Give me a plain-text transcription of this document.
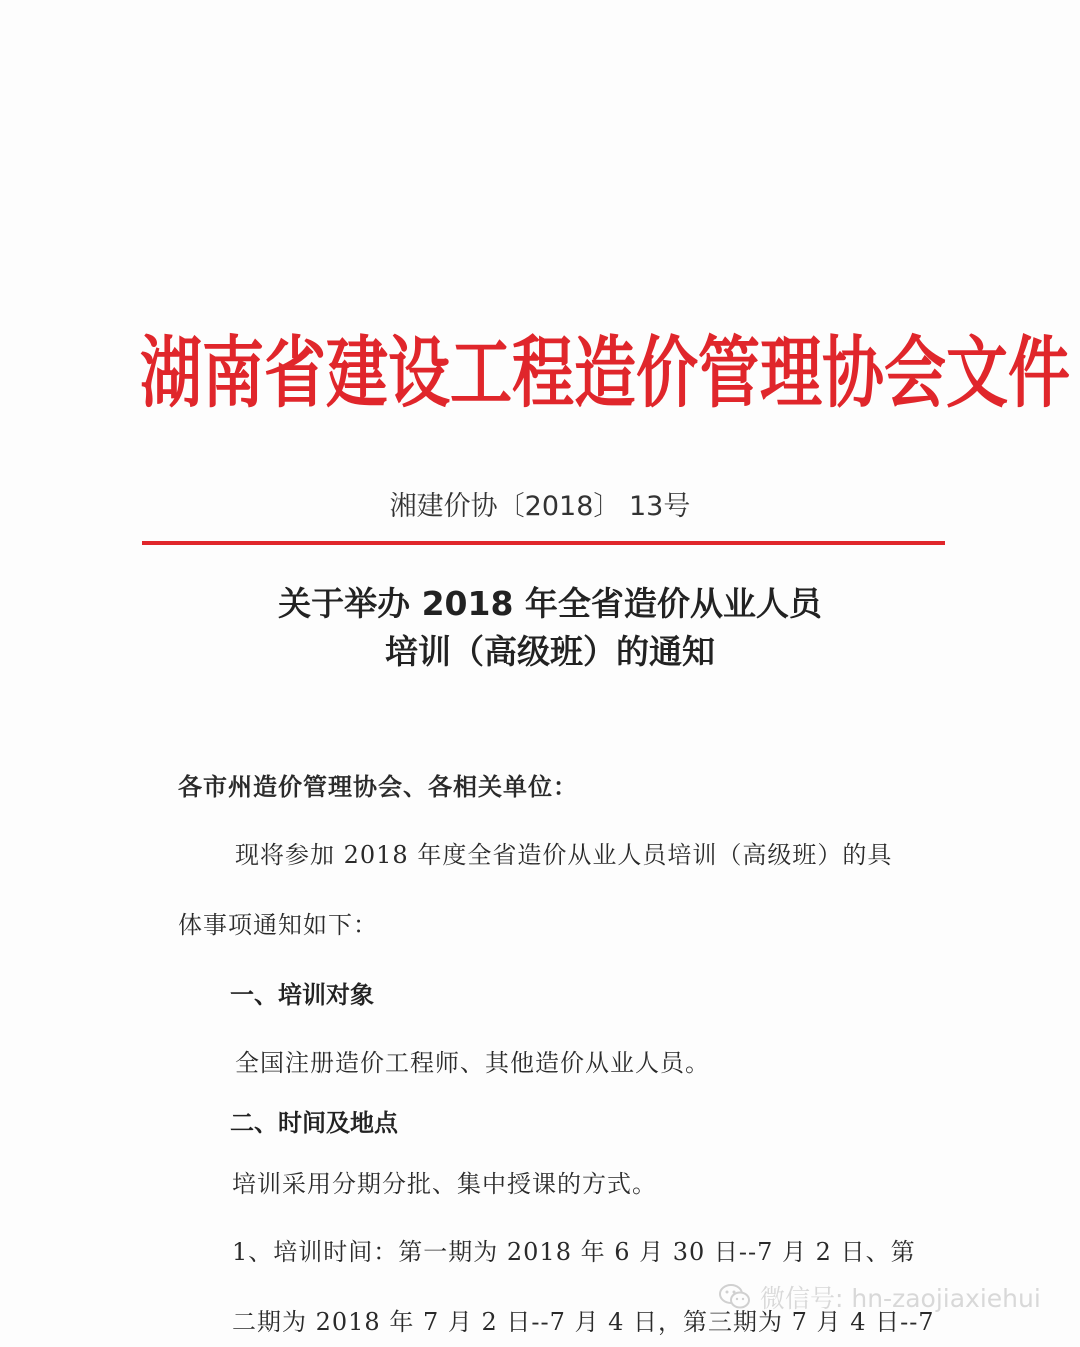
湖南省建设工程造价管理协会文件
湘建价协〔2018〕 13号
关于举办 2018 年全省造价从业人员
培训（高级班）的通知
各市州造价管理协会、各相关单位：
现将参加 2018 年度全省造价从业人员培训（高级班）的具
体事项通知如下：
一、培训对象
全国注册造价工程师、其他造价从业人员。
二、时间及地点
培训采用分期分批、集中授课的方式。
1、培训时间：第一期为 2018 年 6 月 30 日--7 月 2 日、第
二期为 2018 年 7 月 2 日--7 月 4 日，第三期为 7 月 4 日--7
微信号: hn-zaojiaxiehui
